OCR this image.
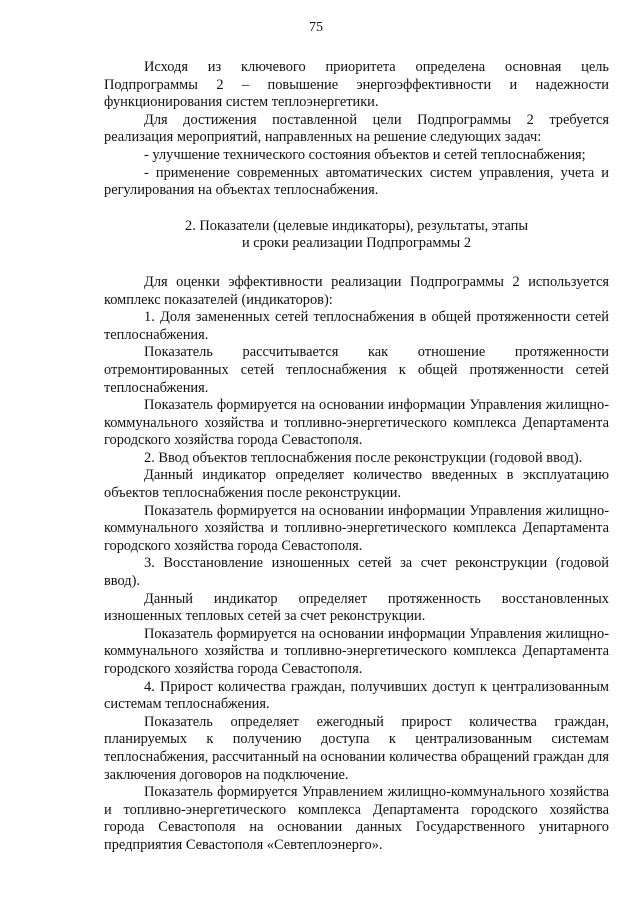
75

Исходя из ключевого приоритета определена основная цель Подпрограммы 2 – повышение энергоэффективности и надежности функционирования систем теплоэнергетики.

Для достижения поставленной цели Подпрограммы 2 требуется реализация мероприятий, направленных на решение следующих задач:

- улучшение технического состояния объектов и сетей теплоснабжения;

- применение современных автоматических систем управления, учета и регулирования на объектах теплоснабжения.

2. Показатели (целевые индикаторы), результаты, этапы
и сроки реализации Подпрограммы 2

Для оценки эффективности реализации Подпрограммы 2 используется комплекс показателей (индикаторов):

1. Доля замененных сетей теплоснабжения в общей протяженности сетей теплоснабжения.

Показатель рассчитывается как отношение протяженности отремонтированных сетей теплоснабжения к общей протяженности сетей теплоснабжения.

Показатель формируется на основании информации Управления жилищно-коммунального хозяйства и топливно-энергетического комплекса Департамента городского хозяйства города Севастополя.

2. Ввод объектов теплоснабжения после реконструкции (годовой ввод).

Данный индикатор определяет количество введенных в эксплуатацию объектов теплоснабжения после реконструкции.

Показатель формируется на основании информации Управления жилищно-коммунального хозяйства и топливно-энергетического комплекса Департамента городского хозяйства города Севастополя.

3. Восстановление изношенных сетей за счет реконструкции (годовой ввод).

Данный индикатор определяет протяженность восстановленных изношенных тепловых сетей за счет реконструкции.

Показатель формируется на основании информации Управления жилищно-коммунального хозяйства и топливно-энергетического комплекса Департамента городского хозяйства города Севастополя.

4. Прирост количества граждан, получивших доступ к централизованным системам теплоснабжения.

Показатель определяет ежегодный прирост количества граждан, планируемых к получению доступа к централизованным системам теплоснабжения, рассчитанный на основании количества обращений граждан для заключения договоров на подключение.

Показатель формируется Управлением жилищно-коммунального хозяйства и топливно-энергетического комплекса Департамента городского хозяйства города Севастополя на основании данных Государственного унитарного предприятия Севастополя «Севтеплоэнерго».
